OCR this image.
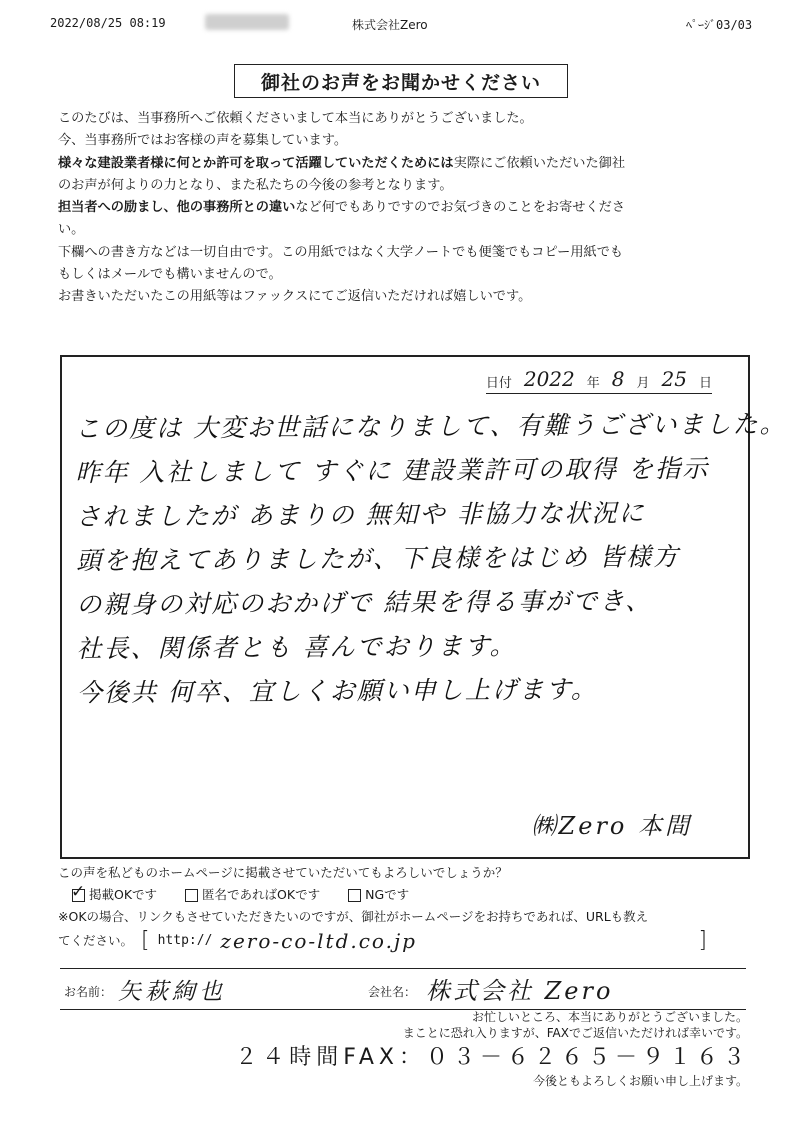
2022/08/25 08:19	株式会社Zero	ﾍﾟｰｼﾞ03/03
御社のお声をお聞かせください

このたびは、当事務所へご依頼くださいまして本当にありがとうございました。

今、当事務所ではお客様の声を募集しています。

様々な建設業者様に何とか許可を取って活躍していただくためには実際にご依頼いただいた御社

のお声が何よりの力となり、また私たちの今後の参考となります。

担当者への励まし、他の事務所との違いなど何でもありですのでお気づきのことをお寄せくださ

い。

下欄への書き方などは一切自由です。この用紙ではなく大学ノートでも便箋でもコピー用紙でも

もしくはメールでも構いませんので。

お書きいただいたこの用紙等はファックスにてご返信いただければ嬉しいです。

日付 2022 年 8 月 25 日

この度は 大変お世話になりまして、有難うございました。

昨年 入社しまして すぐに 建設業許可の取得 を指示

されましたが あまりの 無知や 非協力な状況に

頭を抱えてありましたが、下良様をはじめ 皆様方

の親身の対応のおかげで 結果を得る事ができ、

社長、関係者とも 喜んでおります。

今後共 何卒、宜しくお願い申し上げます。

㈱Zero 本間

この声を私どものホームページに掲載させていただいてもよろしいでしょうか？

✓
掲載OKです	匿名であればOKです	NGです
※OKの場合、リンクもさせていただきたいのですが、御社がホームページをお持ちであれば、URLも教え
てください。 [ http:// zero-co-ltd.co.jp	]
お名前： 矢萩絢也	会社名： 株式会社 Zero

お忙しいところ、本当にありがとうございました。

まことに恐れ入りますが、FAXでご返信いただければ幸いです。

２４時間FAX：０３－６２６５－９１６３

今後ともよろしくお願い申し上げます。
